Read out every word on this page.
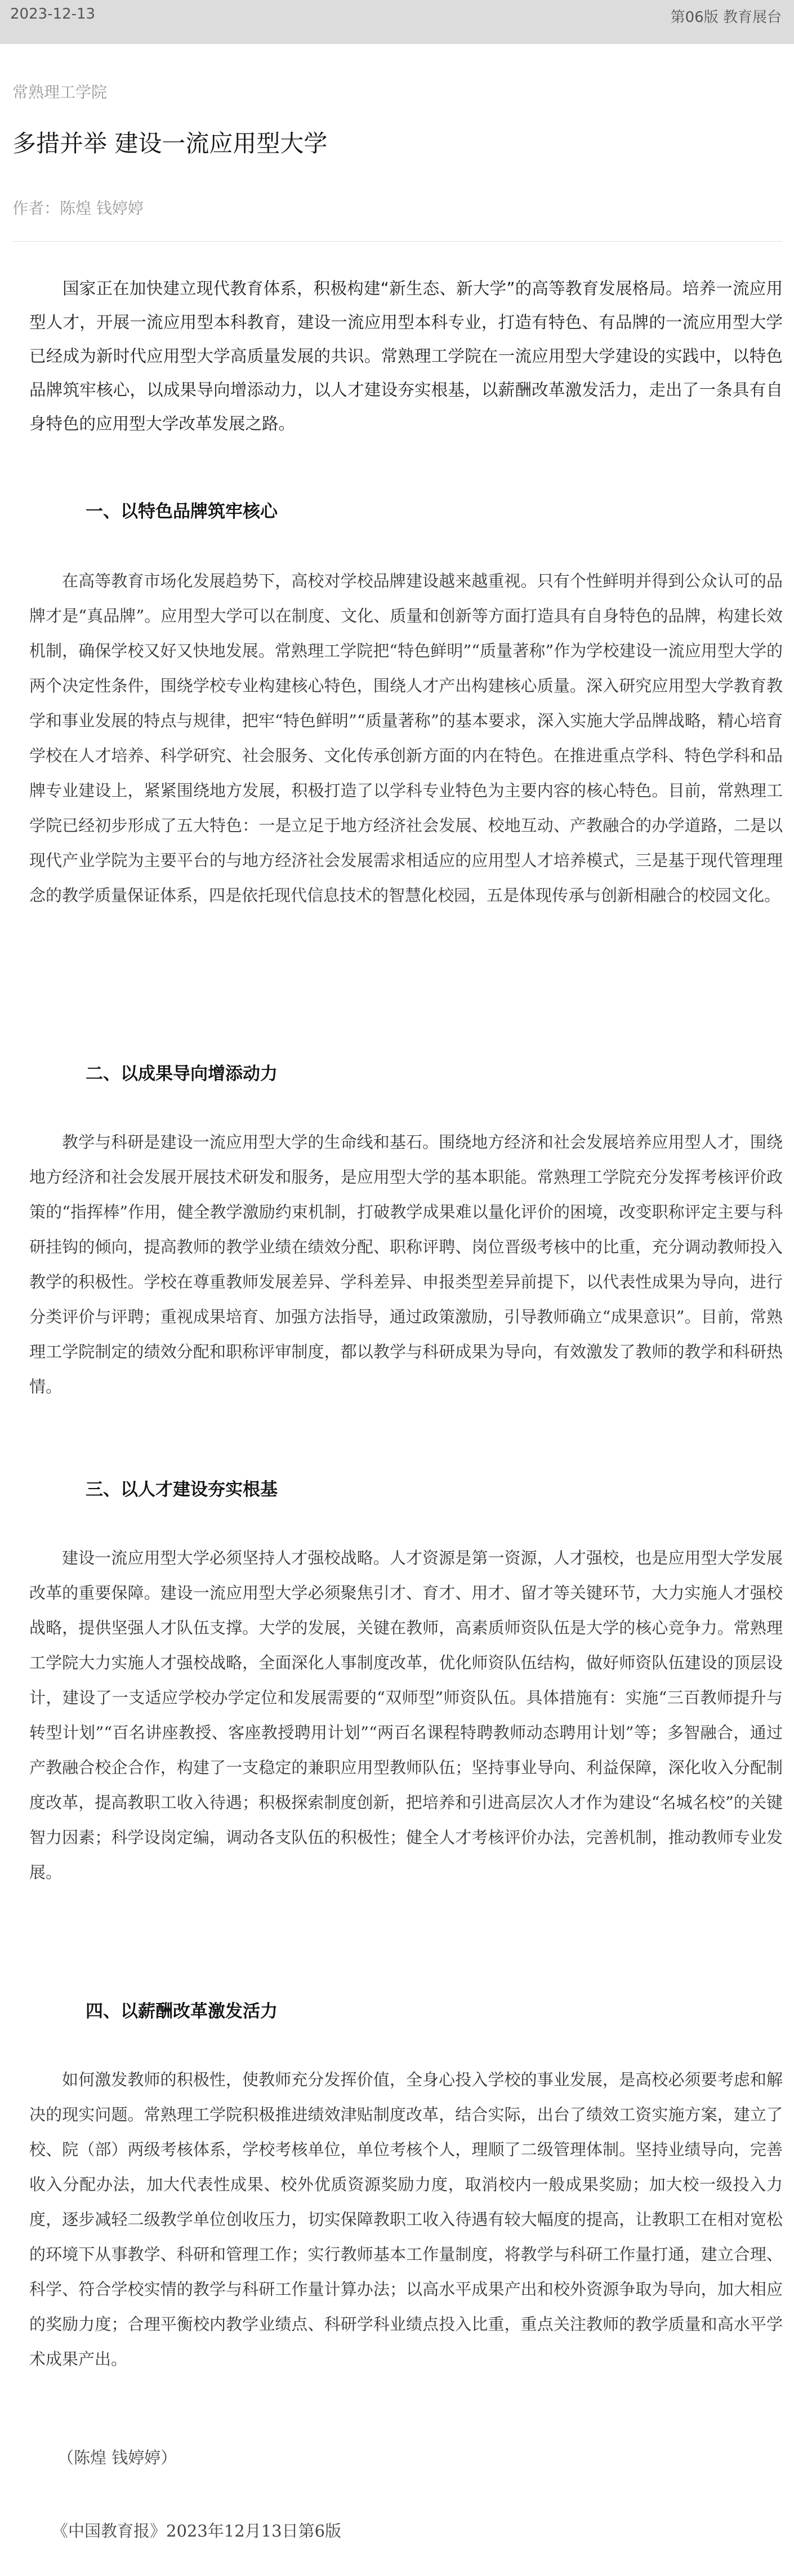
2023-12-13	第06版 教育展台
常熟理工学院
多措并举 建设一流应用型大学
作者：陈煌 钱婷婷

国家正在加快建立现代教育体系，积极构建“新生态、新大学”的高等教育发展格局。培养一流应用型人才，开展一流应用型本科教育，建设一流应用型本科专业，打造有特色、有品牌的一流应用型大学已经成为新时代应用型大学高质量发展的共识。常熟理工学院在一流应用型大学建设的实践中，以特色品牌筑牢核心，以成果导向增添动力，以人才建设夯实根基，以薪酬改革激发活力，走出了一条具有自身特色的应用型大学改革发展之路。

一、以特色品牌筑牢核心

在高等教育市场化发展趋势下，高校对学校品牌建设越来越重视。只有个性鲜明并得到公众认可的品牌才是“真品牌”。应用型大学可以在制度、文化、质量和创新等方面打造具有自身特色的品牌，构建长效机制，确保学校又好又快地发展。常熟理工学院把“特色鲜明”“质量著称”作为学校建设一流应用型大学的两个决定性条件，围绕学校专业构建核心特色，围绕人才产出构建核心质量。深入研究应用型大学教育教学和事业发展的特点与规律，把牢“特色鲜明”“质量著称”的基本要求，深入实施大学品牌战略，精心培育学校在人才培养、科学研究、社会服务、文化传承创新方面的内在特色。在推进重点学科、特色学科和品牌专业建设上，紧紧围绕地方发展，积极打造了以学科专业特色为主要内容的核心特色。目前，常熟理工学院已经初步形成了五大特色：一是立足于地方经济社会发展、校地互动、产教融合的办学道路，二是以现代产业学院为主要平台的与地方经济社会发展需求相适应的应用型人才培养模式，三是基于现代管理理念的教学质量保证体系，四是依托现代信息技术的智慧化校园，五是体现传承与创新相融合的校园文化。

二、以成果导向增添动力

教学与科研是建设一流应用型大学的生命线和基石。围绕地方经济和社会发展培养应用型人才，围绕地方经济和社会发展开展技术研发和服务，是应用型大学的基本职能。常熟理工学院充分发挥考核评价政策的“指挥棒”作用，健全教学激励约束机制，打破教学成果难以量化评价的困境，改变职称评定主要与科研挂钩的倾向，提高教师的教学业绩在绩效分配、职称评聘、岗位晋级考核中的比重，充分调动教师投入教学的积极性。学校在尊重教师发展差异、学科差异、申报类型差异前提下，以代表性成果为导向，进行分类评价与评聘；重视成果培育、加强方法指导，通过政策激励，引导教师确立“成果意识”。目前，常熟理工学院制定的绩效分配和职称评审制度，都以教学与科研成果为导向，有效激发了教师的教学和科研热情。

三、以人才建设夯实根基

建设一流应用型大学必须坚持人才强校战略。人才资源是第一资源，人才强校，也是应用型大学发展改革的重要保障。建设一流应用型大学必须聚焦引才、育才、用才、留才等关键环节，大力实施人才强校战略，提供坚强人才队伍支撑。大学的发展，关键在教师，高素质师资队伍是大学的核心竞争力。常熟理工学院大力实施人才强校战略，全面深化人事制度改革，优化师资队伍结构，做好师资队伍建设的顶层设计，建设了一支适应学校办学定位和发展需要的“双师型”师资队伍。具体措施有：实施“三百教师提升与转型计划”“百名讲座教授、客座教授聘用计划”“两百名课程特聘教师动态聘用计划”等；多智融合，通过产教融合校企合作，构建了一支稳定的兼职应用型教师队伍；坚持事业导向、利益保障，深化收入分配制度改革，提高教职工收入待遇；积极探索制度创新，把培养和引进高层次人才作为建设“名城名校”的关键智力因素；科学设岗定编，调动各支队伍的积极性；健全人才考核评价办法，完善机制，推动教师专业发展。

四、以薪酬改革激发活力

如何激发教师的积极性，使教师充分发挥价值，全身心投入学校的事业发展，是高校必须要考虑和解决的现实问题。常熟理工学院积极推进绩效津贴制度改革，结合实际，出台了绩效工资实施方案，建立了校、院（部）两级考核体系，学校考核单位，单位考核个人，理顺了二级管理体制。坚持业绩导向，完善收入分配办法，加大代表性成果、校外优质资源奖励力度，取消校内一般成果奖励；加大校一级投入力度，逐步减轻二级教学单位创收压力，切实保障教职工收入待遇有较大幅度的提高，让教职工在相对宽松的环境下从事教学、科研和管理工作；实行教师基本工作量制度，将教学与科研工作量打通，建立合理、科学、符合学校实情的教学与科研工作量计算办法；以高水平成果产出和校外资源争取为导向，加大相应的奖励力度；合理平衡校内教学业绩点、科研学科业绩点投入比重，重点关注教师的教学质量和高水平学术成果产出。

（陈煌 钱婷婷）
《中国教育报》2023年12月13日第6版
